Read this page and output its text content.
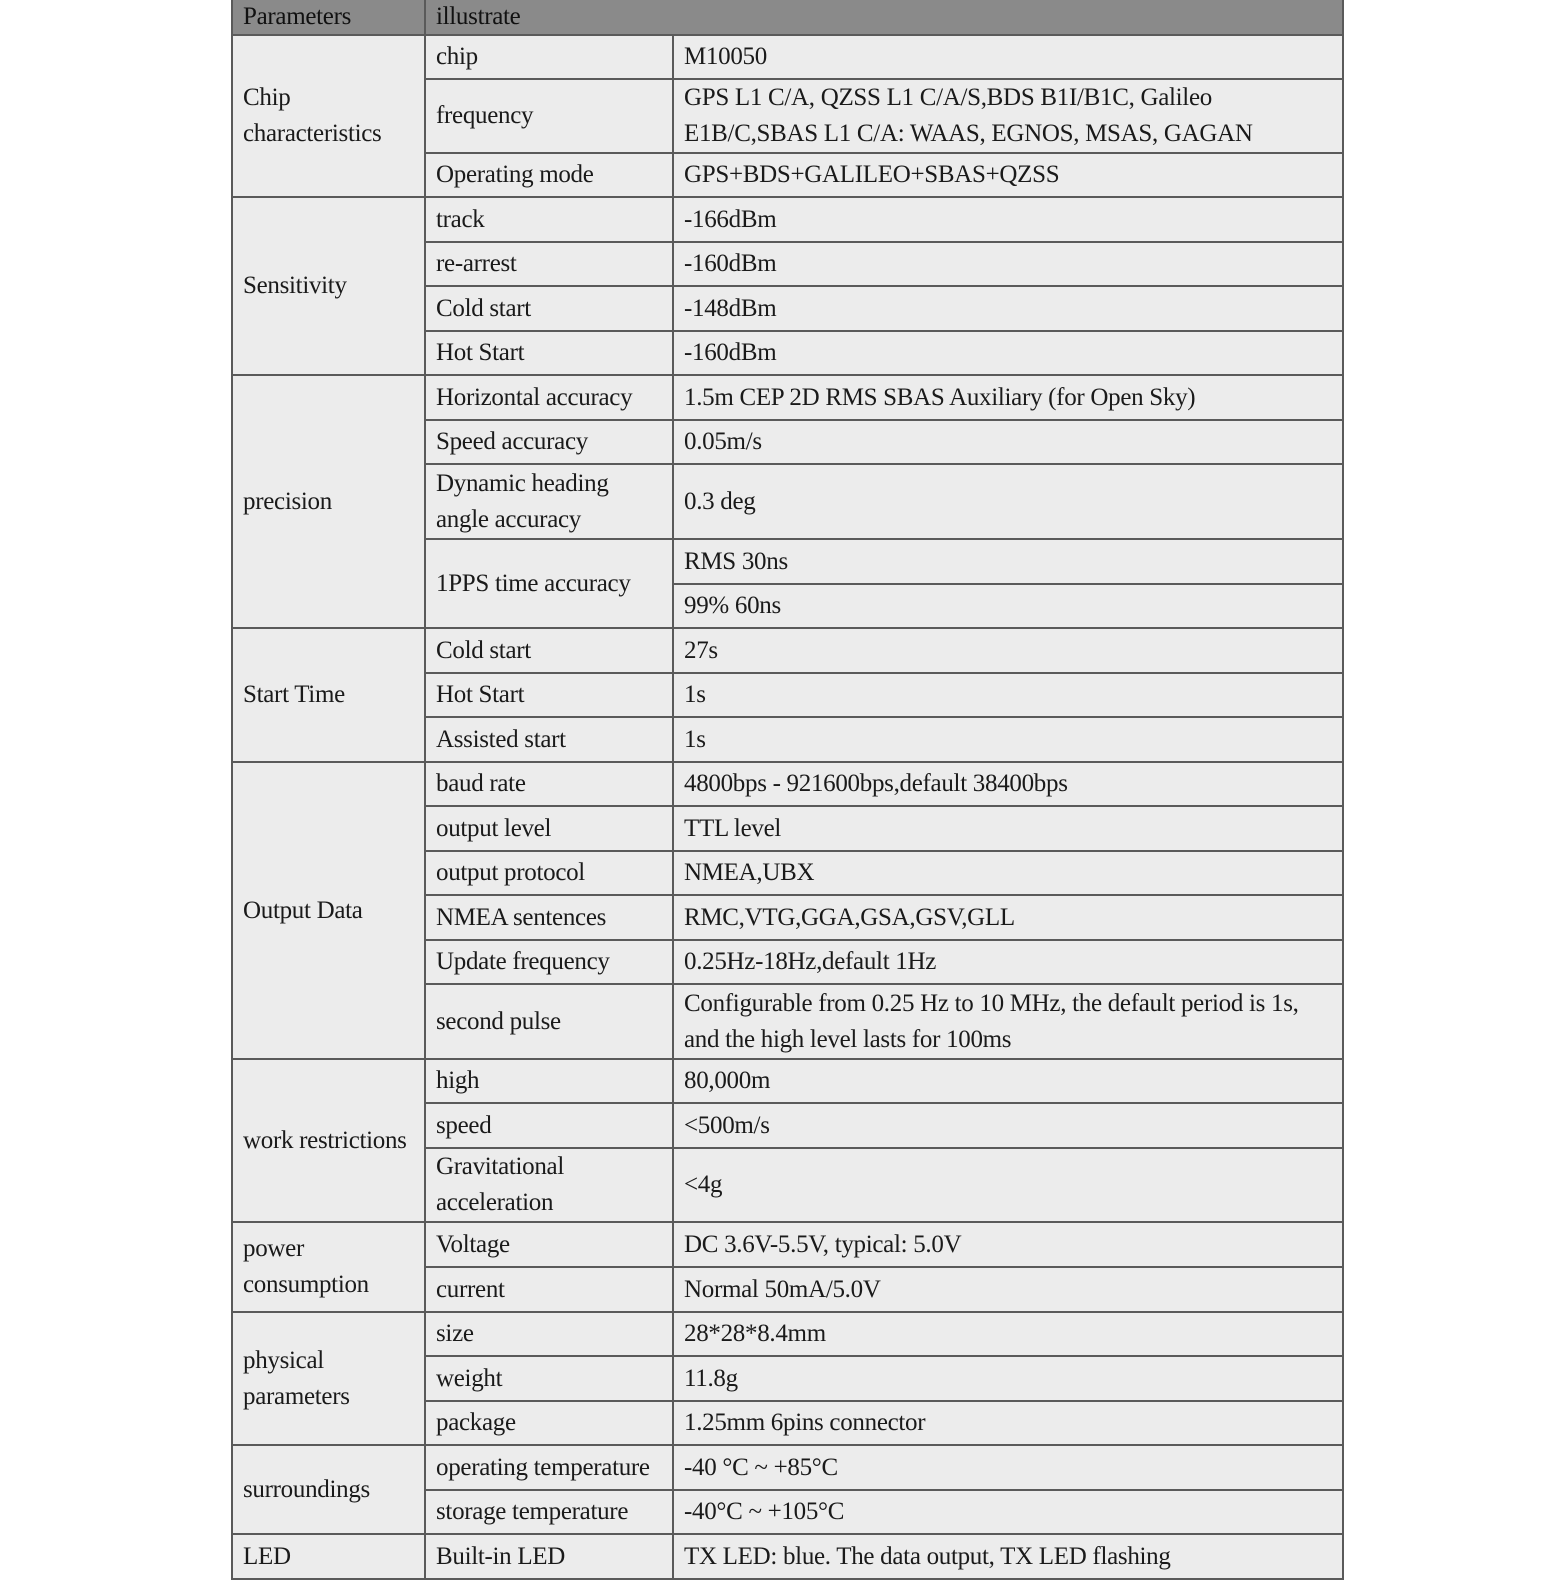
Parameters	illustrate	
Chip characteristics	chip	M10050
	frequency	GPS L1 C/A, QZSS L1 C/A/S,BDS B1I/B1C, Galileo E1B/C,SBAS L1 C/A: WAAS, EGNOS, MSAS, GAGAN
	Operating mode	GPS+BDS+GALILEO+SBAS+QZSS
Sensitivity	track	-166dBm
	re-arrest	-160dBm
	Cold start	-148dBm
	Hot Start	-160dBm
precision	Horizontal accuracy	1.5m CEP 2D RMS SBAS Auxiliary (for Open Sky)
	Speed accuracy	0.05m/s
	Dynamic heading angle accuracy	0.3 deg
	1PPS time accuracy	RMS 30ns
		99% 60ns
Start Time	Cold start	27s
	Hot Start	1s
	Assisted start	1s
Output Data	baud rate	4800bps - 921600bps,default 38400bps
	output level	TTL level
	output protocol	NMEA,UBX
	NMEA sentences	RMC,VTG,GGA,GSA,GSV,GLL
	Update frequency	0.25Hz-18Hz,default 1Hz
	second pulse	Configurable from 0.25 Hz to 10 MHz, the default period is 1s, and the high level lasts for 100ms
work restrictions	high	80,000m
	speed	<500m/s
	Gravitational acceleration	<4g
power consumption	Voltage	DC 3.6V-5.5V, typical: 5.0V
	current	Normal 50mA/5.0V
physical parameters	size	28*28*8.4mm
	weight	11.8g
	package	1.25mm 6pins connector
surroundings	operating temperature	-40 °C ~ +85°C
	storage temperature	-40°C ~ +105°C
LED	Built-in LED	TX LED: blue. The data output, TX LED flashing
